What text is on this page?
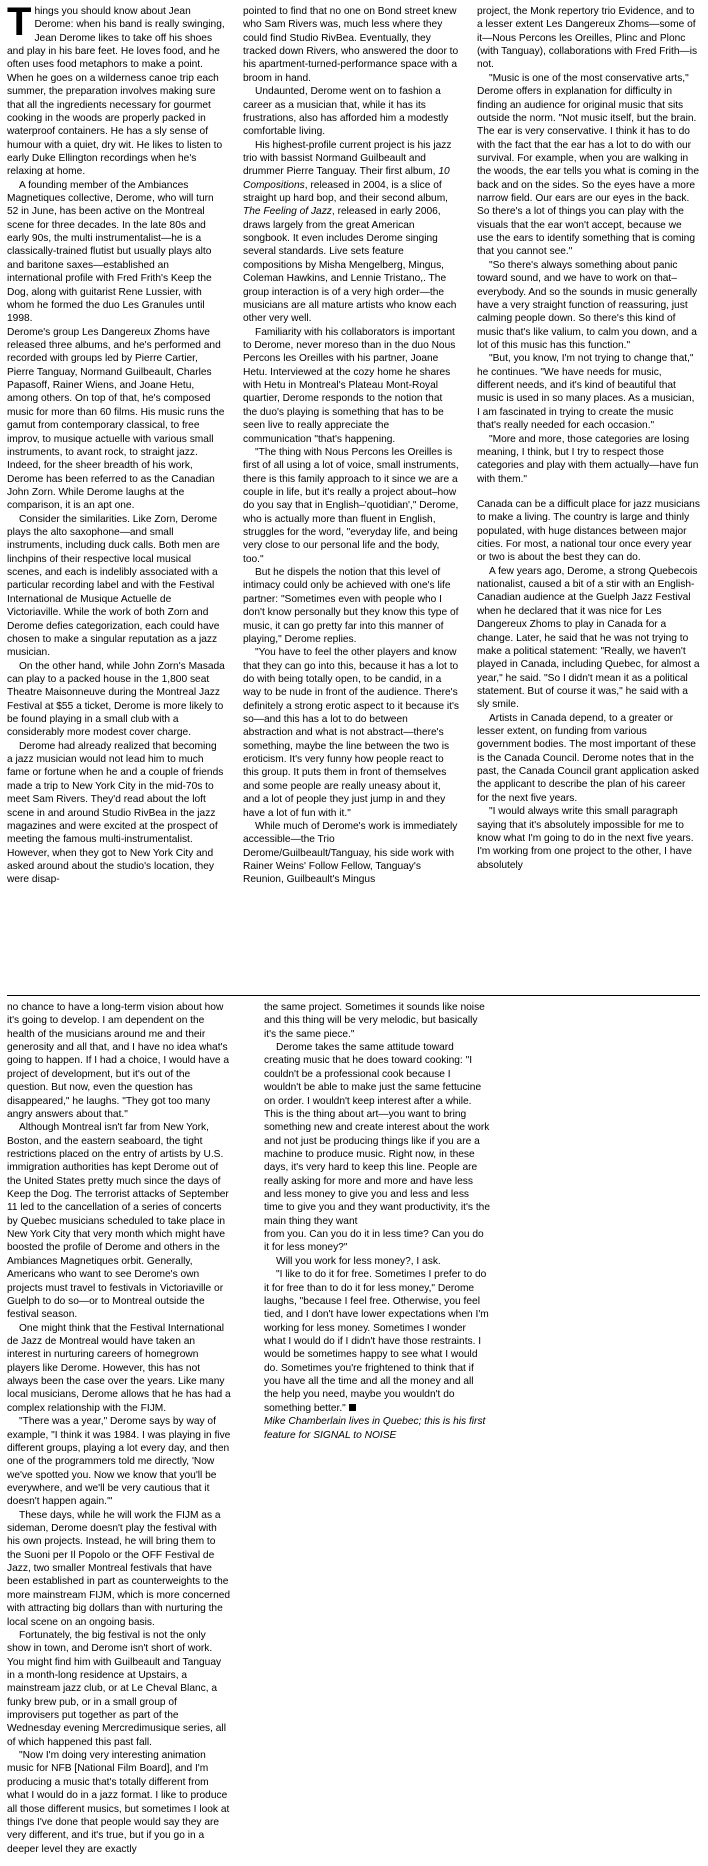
Things you should know about Jean Derome: when his band is really swinging, Jean Derome likes to take off his shoes and play in his bare feet. He loves food, and he often uses food metaphors to make a point. When he goes on a wilderness canoe trip each summer, the preparation involves making sure that all the ingredients necessary for gourmet cooking in the woods are properly packed in waterproof containers. He has a sly sense of humour with a quiet, dry wit. He likes to listen to early Duke Ellington recordings when he's relaxing at home.

A founding member of the Ambiances Magnetiques collective, Derome, who will turn 52 in June, has been active on the Montreal scene for three decades. In the late 80s and early 90s, the multi instrumentalist—he is a classically-trained flutist but usually plays alto and baritone saxes—established an international profile with Fred Frith's Keep the Dog, along with guitarist Rene Lussier, with whom he formed the duo Les Granules until 1998.

Derome's group Les Dangereux Zhoms have released three albums, and he's performed and recorded with groups led by Pierre Cartier, Pierre Tanguay, Normand Guilbeault, Charles Papasoff, Rainer Wiens, and Joane Hetu, among others. On top of that, he's composed music for more than 60 films. His music runs the gamut from contemporary classical, to free improv, to musique actuelle with various small instruments, to avant rock, to straight jazz. Indeed, for the sheer breadth of his work, Derome has been referred to as the Canadian John Zorn. While Derome laughs at the comparison, it is an apt one.

Consider the similarities. Like Zorn, Derome plays the alto saxophone—and small instruments, including duck calls. Both men are linchpins of their respective local musical scenes, and each is indelibly associated with a particular recording label and with the Festival International de Musique Actuelle de Victoriaville. While the work of both Zorn and Derome defies categorization, each could have chosen to make a singular reputation as a jazz musician.

On the other hand, while John Zorn's Masada can play to a packed house in the 1,800 seat Theatre Maisonneuve during the Montreal Jazz Festival at $55 a ticket, Derome is more likely to be found playing in a small club with a considerably more modest cover charge.

Derome had already realized that becoming a jazz musician would not lead him to much fame or fortune when he and a couple of friends made a trip to New York City in the mid-70s to meet Sam Rivers. They'd read about the loft scene in and around Studio RivBea in the jazz magazines and were excited at the prospect of meeting the famous multi-instrumentalist. However, when they got to New York City and asked around about the studio's location, they were disap-

pointed to find that no one on Bond street knew who Sam Rivers was, much less where they could find Studio RivBea. Eventually, they tracked down Rivers, who answered the door to his apartment-turned-performance space with a broom in hand.

Undaunted, Derome went on to fashion a career as a musician that, while it has its frustrations, also has afforded him a modestly comfortable living.

His highest-profile current project is his jazz trio with bassist Normand Guilbeault and drummer Pierre Tanguay. Their first album, 10 Compositions, released in 2004, is a slice of straight up hard bop, and their second album, The Feeling of Jazz, released in early 2006, draws largely from the great American songbook. It even includes Derome singing several standards. Live sets feature compositions by Misha Mengelberg, Mingus, Coleman Hawkins, and Lennie Tristano,. The group interaction is of a very high order—the musicians are all mature artists who know each other very well.

Familiarity with his collaborators is important to Derome, never moreso than in the duo Nous Percons les Oreilles with his partner, Joane Hetu. Interviewed at the cozy home he shares with Hetu in Montreal's Plateau Mont-Royal quartier, Derome responds to the notion that the duo's playing is something that has to be seen live to really appreciate the communication "that's happening.

"The thing with Nous Percons les Oreilles is first of all using a lot of voice, small instruments, there is this family approach to it since we are a couple in life, but it's really a project about–how do you say that in English–'quotidian'," Derome, who is actually more than fluent in English, struggles for the word, "everyday life, and being very close to our personal life and the body, too."

But he dispels the notion that this level of intimacy could only be achieved with one's life partner: "Sometimes even with people who I don't know personally but they know this type of music, it can go pretty far into this manner of playing," Derome replies.

"You have to feel the other players and know that they can go into this, because it has a lot to do with being totally open, to be candid, in a way to be nude in front of the audience. There's definitely a strong erotic aspect to it because it's so—and this has a lot to do between abstraction and what is not abstract—there's something, maybe the line between the two is eroticism. It's very funny how people react to this group. It puts them in front of themselves and some people are really uneasy about it, and a lot of people they just jump in and they have a lot of fun with it."

While much of Derome's work is immediately accessible—the Trio Derome/Guilbeault/Tanguay, his side work with Rainer Weins' Follow Fellow, Tanguay's Reunion, Guilbeault's Mingus

project, the Monk repertory trio Evidence, and to a lesser extent Les Dangereux Zhoms—some of it—Nous Percons les Oreilles, Plinc and Plonc (with Tanguay), collaborations with Fred Frith—is not.

"Music is one of the most conservative arts," Derome offers in explanation for difficulty in finding an audience for original music that sits outside the norm. "Not music itself, but the brain. The ear is very conservative. I think it has to do with the fact that the ear has a lot to do with our survival. For example, when you are walking in the woods, the ear tells you what is coming in the back and on the sides. So the eyes have a more narrow field. Our ears are our eyes in the back. So there's a lot of things you can play with the visuals that the ear won't accept, because we use the ears to identify something that is coming that you cannot see."

"So there's always something about panic toward sound, and we have to work on that–everybody. And so the sounds in music generally have a very straight function of reassuring, just calming people down. So there's this kind of music that's like valium, to calm you down, and a lot of this music has this function."

"But, you know, I'm not trying to change that," he continues. "We have needs for music, different needs, and it's kind of beautiful that music is used in so many places. As a musician, I am fascinated in trying to create the music that's really needed for each occasion."

"More and more, those categories are losing meaning, I think, but I try to respect those categories and play with them actually—have fun with them."

Canada can be a difficult place for jazz musicians to make a living. The country is large and thinly populated, with huge distances between major cities. For most, a national tour once every year or two is about the best they can do.

A few years ago, Derome, a strong Quebecois nationalist, caused a bit of a stir with an English-Canadian audience at the Guelph Jazz Festival when he declared that it was nice for Les Dangereux Zhoms to play in Canada for a change. Later, he said that he was not trying to make a political statement: "Really, we haven't played in Canada, including Quebec, for almost a year," he said. "So I didn't mean it as a political statement. But of course it was," he said with a sly smile.

Artists in Canada depend, to a greater or lesser extent, on funding from various government bodies. The most important of these is the Canada Council. Derome notes that in the past, the Canada Council grant application asked the applicant to describe the plan of his career for the next five years.

"I would always write this small paragraph saying that it's absolutely impossible for me to know what I'm going to do in the next five years. I'm working from one project to the other, I have absolutely

no chance to have a long-term vision about how it's going to develop. I am dependent on the health of the musicians around me and their generosity and all that, and I have no idea what's going to happen. If I had a choice, I would have a project of development, but it's out of the question. But now, even the question has disappeared," he laughs. "They got too many angry answers about that."

Although Montreal isn't far from New York, Boston, and the eastern seaboard, the tight restrictions placed on the entry of artists by U.S. immigration authorities has kept Derome out of the United States pretty much since the days of Keep the Dog. The terrorist attacks of September 11 led to the cancellation of a series of concerts by Quebec musicians scheduled to take place in New York City that very month which might have boosted the profile of Derome and others in the Ambiances Magnetiques orbit. Generally, Americans who want to see Derome's own projects must travel to festivals in Victoriaville or Guelph to do so—or to Montreal outside the festival season.

One might think that the Festival International de Jazz de Montreal would have taken an interest in nurturing careers of homegrown players like Derome. However, this has not always been the case over the years. Like many local musicians, Derome allows that he has had a complex relationship with the FIJM.

"There was a year," Derome says by way of example, "I think it was 1984. I was playing in five different groups, playing a lot every day, and then one of the programmers told me directly, 'Now we've spotted you. Now we know that you'll be everywhere, and we'll be very cautious that it doesn't happen again.'"

These days, while he will work the FIJM as a sideman, Derome doesn't play the festival with his own projects. Instead, he will bring them to the Suoni per Il Popolo or the OFF Festival de Jazz, two smaller Montreal festivals that have been established in part as counterweights to the more mainstream FIJM, which is more concerned with attracting big dollars than with nurturing the local scene on an ongoing basis.

Fortunately, the big festival is not the only show in town, and Derome isn't short of work. You might find him with Guilbeault and Tanguay in a month-long residence at Upstairs, a mainstream jazz club, or at Le Cheval Blanc, a funky brew pub, or in a small group of improvisers put together as part of the Wednesday evening Mercredimusique series, all of which happened this past fall.

"Now I'm doing very interesting animation music for NFB [National Film Board], and I'm producing a music that's totally different from what I would do in a jazz format. I like to produce all those different musics, but sometimes I look at things I've done that people would say they are very different, and it's true, but if you go in a deeper level they are exactly

the same project. Sometimes it sounds like noise and this thing will be very melodic, but basically it's the same piece."

Derome takes the same attitude toward creating music that he does toward cooking: "I couldn't be a professional cook because I wouldn't be able to make just the same fettucine on order. I wouldn't keep interest after a while. This is the thing about art—you want to bring something new and create interest about the work and not just be producing things like if you are a machine to produce music. Right now, in these days, it's very hard to keep this line. People are really asking for more and more and have less and less money to give you and less and less time to give you and they want productivity, it's the main thing they want

from you. Can you do it in less time? Can you do it for less money?"

Will you work for less money?, I ask.

"I like to do it for free. Sometimes I prefer to do it for free than to do it for less money," Derome laughs, "because I feel free. Otherwise, you feel tied, and I don't have lower expectations when I'm working for less money. Sometimes I wonder what I would do if I didn't have those restraints. I would be sometimes happy to see what I would do. Sometimes you're frightened to think that if you have all the time and all the money and all the help you need, maybe you wouldn't do something better."

Mike Chamberlain lives in Quebec; this is his first feature for SIGNAL to NOISE
